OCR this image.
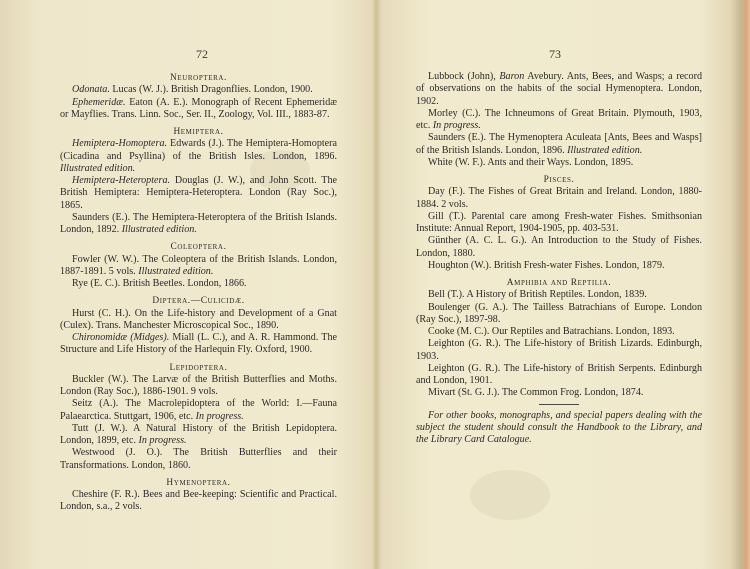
72
Neuroptera.
Odonata. Lucas (W. J.). British Dragonflies. London, 1900.
Ephemeridæ. Eaton (A. E.). Monograph of Recent Ephemeridæ or Mayflies. Trans. Linn. Soc., Ser. II., Zoology, Vol. III., 1883-87.
Hemiptera.
Hemiptera-Homoptera. Edwards (J.). The Hemiptera-Homoptera (Cicadina and Psyllina) of the British Isles. London, 1896. Illustrated edition.
Hemiptera-Heteroptera. Douglas (J. W.), and John Scott. The British Hemiptera: Hemiptera-Heteroptera. London (Ray Soc.), 1865.
Saunders (E.). The Hemiptera-Heteroptera of the British Islands. London, 1892. Illustrated edition.
Coleoptera.
Fowler (W. W.). The Coleoptera of the British Islands. London, 1887-1891. 5 vols. Illustrated edition.
Rye (E. C.). British Beetles. London, 1866.
Diptera.—Culicidæ.
Hurst (C. H.). On the Life-history and Development of a Gnat (Culex). Trans. Manchester Microscopical Soc., 1890.
Chironomidæ (Midges). Miall (L. C.), and A. R. Hammond. The Structure and Life History of the Harlequin Fly. Oxford, 1900.
Lepidoptera.
Buckler (W.). The Larvæ of the British Butterflies and Moths. London (Ray Soc.), 1886-1901. 9 vols.
Seitz (A.). The Macrolepidoptera of the World: I.—Fauna Palaearctica. Stuttgart, 1906, etc. In progress.
Tutt (J. W.). A Natural History of the British Lepidoptera. London, 1899, etc. In progress.
Westwood (J. O.). The British Butterflies and their Transformations. London, 1860.
Hymenoptera.
Cheshire (F. R.). Bees and Bee-keeping: Scientific and Practical. London, s.a., 2 vols.
73
Lubbock (John), Baron Avebury. Ants, Bees, and Wasps; a record of observations on the habits of the social Hymenoptera. London, 1902.
Morley (C.). The Ichneumons of Great Britain. Plymouth, 1903, etc. In progress.
Saunders (E.). The Hymenoptera Aculeata [Ants, Bees and Wasps] of the British Islands. London, 1896. Illustrated edition.
White (W. F.). Ants and their Ways. London, 1895.
Pisces.
Day (F.). The Fishes of Great Britain and Ireland. London, 1880-1884. 2 vols.
Gill (T.). Parental care among Fresh-water Fishes. Smithsonian Institute: Annual Report, 1904-1905, pp. 403-531.
Günther (A. C. L. G.). An Introduction to the Study of Fishes. London, 1880.
Houghton (W.). British Fresh-water Fishes. London, 1879.
Amphibia and Reptilia.
Bell (T.). A History of British Reptiles. London, 1839.
Boulenger (G. A.). The Tailless Batrachians of Europe. London (Ray Soc.), 1897-98.
Cooke (M. C.). Our Reptiles and Batrachians. London, 1893.
Leighton (G. R.). The Life-history of British Lizards. Edinburgh, 1903.
Leighton (G. R.). The Life-history of British Serpents. Edinburgh and London, 1901.
Mivart (St. G. J.). The Common Frog. London, 1874.
For other books, monographs, and special papers dealing with the subject the student should consult the Handbook to the Library, and the Library Card Catalogue.
